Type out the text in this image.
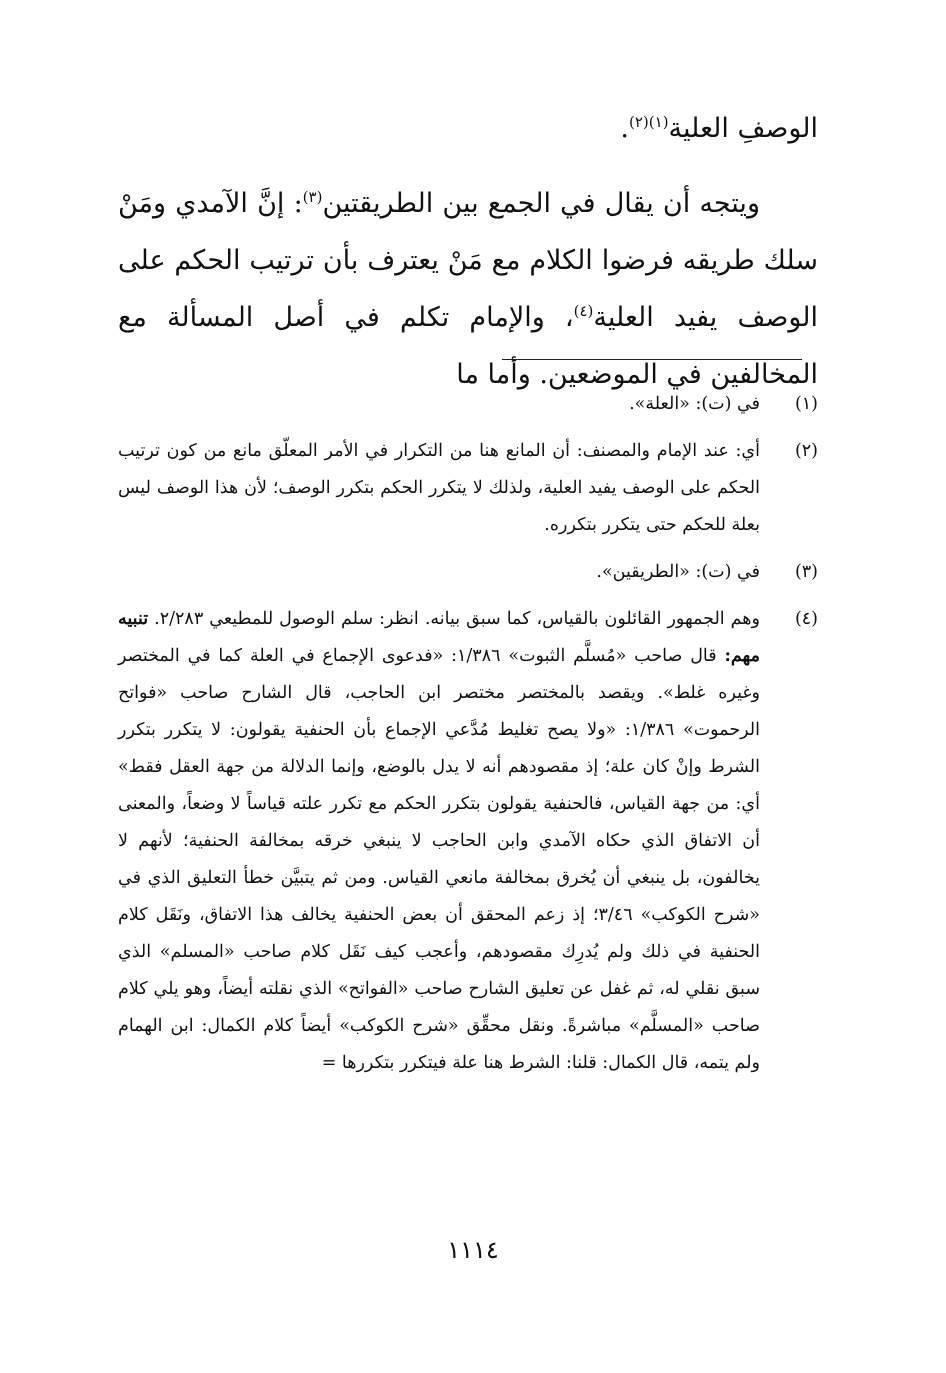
الوصفِ العلية$^{(١)(٢)}$.

ويتجه أن يقال في الجمع بين الطريقتين$^{(٣)}$: إنَّ الآمدي ومَنْ سلك طريقه فرضوا الكلام مع مَنْ يعترف بأن ترتيب الحكم على الوصف يفيد العلية$^{(٤)}$، والإمام تكلم في أصل المسألة مع المخالفين في الموضعين. وأما ما

(١)
في (ت): «العلة».
(٢)
أي: عند الإمام والمصنف: أن المانع هنا من التكرار في الأمر المعلّق مانع من كون ترتيب الحكم على الوصف يفيد العلية، ولذلك لا يتكرر الحكم بتكرر الوصف؛ لأن هذا الوصف ليس بعلة للحكم حتى يتكرر بتكرره.
(٣)
في (ت): «الطريقين».
(٤)
وهم الجمهور القائلون بالقياس، كما سبق بيانه. انظر: سلم الوصول للمطيعي ٢/٢٨٣. تنبيه مهم: قال صاحب «مُسلَّم الثبوت» ١/٣٨٦: «فدعوى الإجماع في العلة كما في المختصر وغيره غلط». ويقصد بالمختصر مختصر ابن الحاجب، قال الشارح صاحب «فواتح الرحموت» ١/٣٨٦: «ولا يصح تغليط مُدَّعي الإجماع بأن الحنفية يقولون: لا يتكرر بتكرر الشرط وإنْ كان علة؛ إذ مقصودهم أنه لا يدل بالوضع، وإنما الدلالة من جهة العقل فقط» أي: من جهة القياس، فالحنفية يقولون بتكرر الحكم مع تكرر علته قياساً لا وضعاً، والمعنى أن الاتفاق الذي حكاه الآمدي وابن الحاجب لا ينبغي خرقه بمخالفة الحنفية؛ لأنهم لا يخالفون، بل ينبغي أن يُخرق بمخالفة مانعي القياس. ومن ثم يتبيَّن خطأ التعليق الذي في «شرح الكوكب» ٣/٤٦؛ إذ زعم المحقق أن بعض الحنفية يخالف هذا الاتفاق، ونَقَل كلام الحنفية في ذلك ولم يُدرِك مقصودهم، وأعجب كيف نَقَل كلام صاحب «المسلم» الذي سبق نقلي له، ثم غفل عن تعليق الشارح صاحب «الفواتح» الذي نقلته أيضاً، وهو يلي كلام صاحب «المسلَّم» مباشرةً. ونقل محقِّق «شرح الكوكب» أيضاً كلام الكمال: ابن الهمام ولم يتمه، قال الكمال: قلنا: الشرط هنا علة فيتكرر بتكررها =
١١١٤
